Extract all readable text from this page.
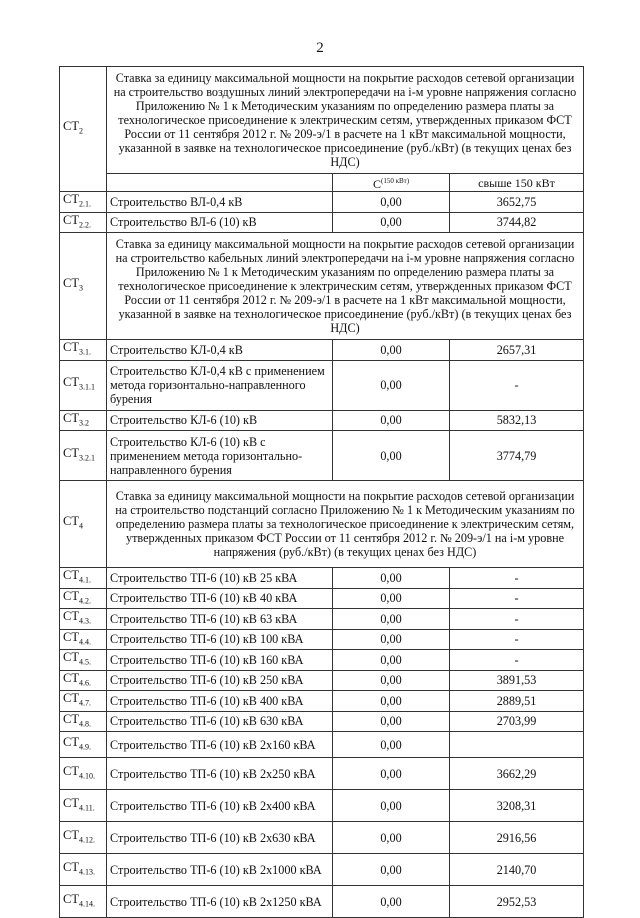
2
$СТ_2$	Ставка за единицу максимальной мощности на покрытие расходов сетевой организации на строительство воздушных линий электропередачи на i-м уровне напряжения согласно Приложению № 1 к Методическим указаниям по определению размера платы за технологическое присоединение к электрическим сетям, утвержденных приказом ФСТ России от 11 сентября 2012 г. № 209-э/1 в расчете на 1 кВт максимальной мощности, указанной в заявке на технологическое присоединение (руб./кВт) (в текущих ценах без НДС)		
		$С^{(150 кВт)}$	свыше 150 кВт
$СТ_{2.1.}$	Строительство ВЛ-0,4 кВ	0,00	3652,75
$СТ_{2.2.}$	Строительство ВЛ-6 (10) кВ	0,00	3744,82
$СТ_3$	Ставка за единицу максимальной мощности на покрытие расходов сетевой организации на строительство кабельных линий электропередачи на i-м уровне напряжения согласно Приложению № 1 к Методическим указаниям по определению размера платы за технологическое присоединение к электрическим сетям, утвержденных приказом ФСТ России от 11 сентября 2012 г. № 209-э/1 в расчете на 1 кВт максимальной мощности, указанной в заявке на технологическое присоединение (руб./кВт) (в текущих ценах без НДС)		
$СТ_{3.1.}$	Строительство КЛ-0,4 кВ	0,00	2657,31
$СТ_{3.1.1}$	Строительство КЛ-0,4 кВ с применением метода горизонтально-направленного бурения	0,00	-
$СТ_{3.2}$	Строительство КЛ-6 (10) кВ	0,00	5832,13
$СТ_{3.2.1}$	Строительство КЛ-6 (10) кВ с применением метода горизонтально-направленного бурения	0,00	3774,79
$СТ_4$	Ставка за единицу максимальной мощности на покрытие расходов сетевой организации на строительство подстанций согласно Приложению № 1 к Методическим указаниям по определению размера платы за технологическое присоединение к электрическим сетям, утвержденных приказом ФСТ России от 11 сентября 2012 г. № 209-э/1 на i-м уровне напряжения (руб./кВт) (в текущих ценах без НДС)		
$СТ_{4.1.}$	Строительство ТП-6 (10) кВ 25 кВА	0,00	-
$СТ_{4.2.}$	Строительство ТП-6 (10) кВ 40 кВА	0,00	-
$СТ_{4.3.}$	Строительство ТП-6 (10) кВ 63 кВА	0,00	-
$СТ_{4.4.}$	Строительство ТП-6 (10) кВ 100 кВА	0,00	-
$СТ_{4.5.}$	Строительство ТП-6 (10) кВ 160 кВА	0,00	-
$СТ_{4.6.}$	Строительство ТП-6 (10) кВ 250 кВА	0,00	3891,53
$СТ_{4.7.}$	Строительство ТП-6 (10) кВ 400 кВА	0,00	2889,51
$СТ_{4.8.}$	Строительство ТП-6 (10) кВ 630 кВА	0,00	2703,99
$СТ_{4.9.}$	Строительство ТП-6 (10) кВ 2х160 кВА	0,00	
$СТ_{4.10.}$	Строительство ТП-6 (10) кВ 2х250 кВА	0,00	3662,29
$СТ_{4.11.}$	Строительство ТП-6 (10) кВ 2х400 кВА	0,00	3208,31
$СТ_{4.12.}$	Строительство ТП-6 (10) кВ 2х630 кВА	0,00	2916,56
$СТ_{4.13.}$	Строительство ТП-6 (10) кВ 2х1000 кВА	0,00	2140,70
$СТ_{4.14.}$	Строительство ТП-6 (10) кВ 2х1250 кВА	0,00	2952,53
